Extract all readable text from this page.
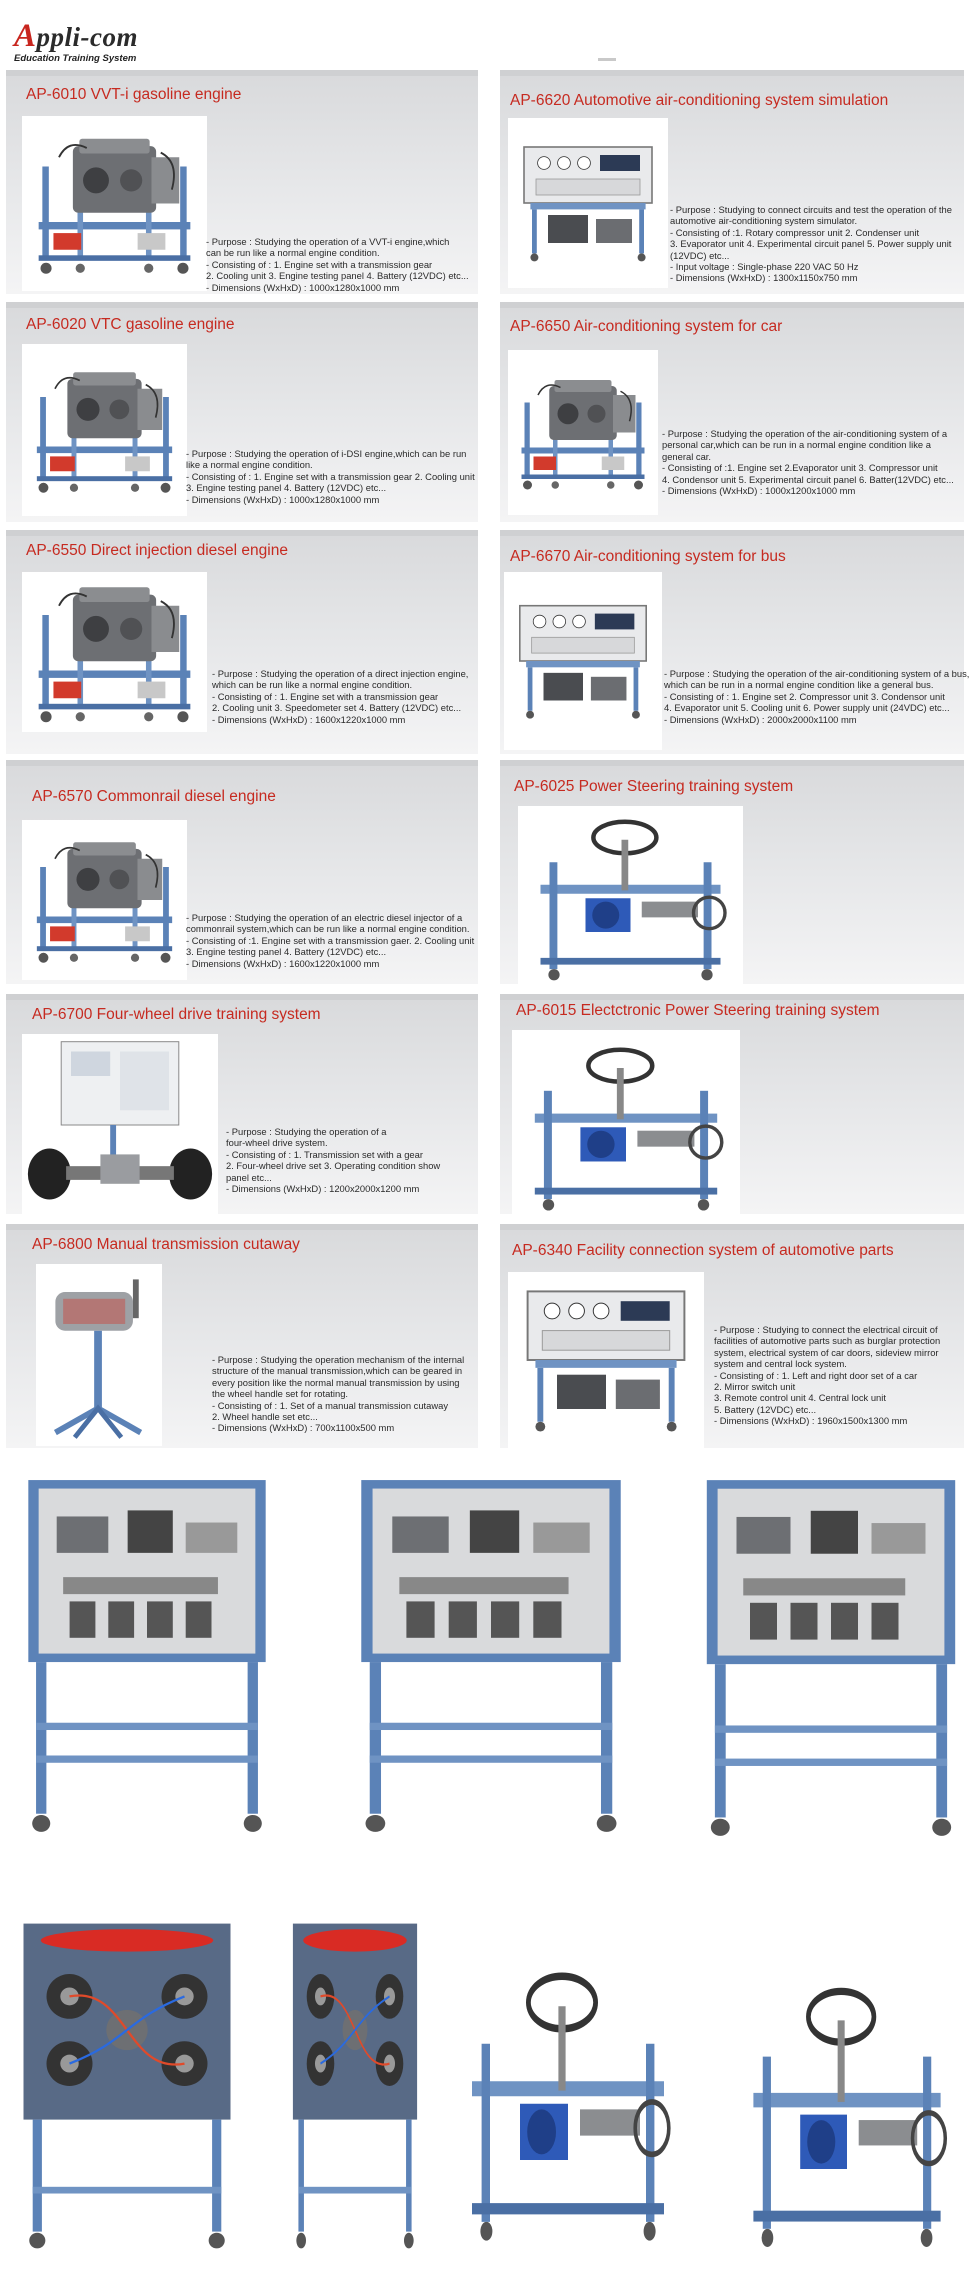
Appli-com
Education Training System
AP-6010 VVT-i gasoline engine
- Purpose : Studying the operation of a VVT-i engine,which
can be run like a normal engine condition.
- Consisting of : 1. Engine set with a transmission gear
2. Cooling unit 3. Engine testing panel 4. Battery (12VDC) etc...
- Dimensions (WxHxD) : 1000x1280x1000 mm
AP-6620 Automotive air-conditioning system simulation
- Purpose : Studying to connect circuits and test the operation of the
automotive air-conditioning system simulator.
- Consisting of :1. Rotary compressor unit 2. Condenser unit
3. Evaporator unit 4. Experimental circuit panel 5. Power supply unit
(12VDC) etc...
- Input voltage : Single-phase 220 VAC 50 Hz
- Dimensions (WxHxD) : 1300x1150x750 mm
AP-6020 VTC gasoline engine
- Purpose : Studying the operation of i-DSI engine,which can be run
like a normal engine condition.
- Consisting of : 1. Engine set with a transmission gear 2. Cooling unit
3. Engine testing panel 4. Battery (12VDC) etc...
- Dimensions (WxHxD) : 1000x1280x1000 mm
AP-6650 Air-conditioning system for car
- Purpose : Studying the operation of the air-conditioning system of a
personal car,which can be run in a normal engine condition like a
general car.
- Consisting of :1. Engine set 2.Evaporator unit 3. Compressor unit
4. Condensor unit 5. Experimental circuit panel 6. Batter(12VDC) etc...
- Dimensions (WxHxD) : 1000x1200x1000 mm
AP-6550 Direct injection diesel engine
- Purpose : Studying the operation of a direct injection engine,
which can be run like a normal engine condition.
- Consisting of : 1. Engine set with a transmission gear
2. Cooling unit 3. Speedometer set 4. Battery (12VDC) etc...
- Dimensions (WxHxD) : 1600x1220x1000 mm
AP-6670 Air-conditioning system for bus
- Purpose : Studying the operation of the air-conditioning system of a bus,
which can be run in a normal engine condition like a general bus.
- Consisting of : 1. Engine set 2. Compressor unit 3. Condensor unit
4. Evaporator unit 5. Cooling unit 6. Power supply unit (24VDC) etc...
- Dimensions (WxHxD) : 2000x2000x1100 mm
AP-6570 Commonrail diesel engine
- Purpose : Studying the operation of an electric diesel injector of a
commonrail system,which can be run like a normal engine condition.
- Consisting of :1. Engine set with a transmission gaer. 2. Cooling unit
3. Engine testing panel 4. Battery (12VDC) etc...
- Dimensions (WxHxD) : 1600x1220x1000 mm
AP-6025 Power Steering training system
AP-6700 Four-wheel drive training system
- Purpose : Studying the operation of a
four-wheel drive system.
- Consisting of : 1. Transmission set with a gear
2. Four-wheel drive set 3. Operating condition show
panel etc...
- Dimensions (WxHxD) : 1200x2000x1200 mm
AP-6015 Electctronic Power Steering training system
AP-6800 Manual transmission cutaway
- Purpose : Studying the operation mechanism of the internal
structure of the manual transmission,which can be geared in
every position like the normal manual transmission by using
the wheel handle set for rotating.
- Consisting of : 1. Set of a manual transmission cutaway
2. Wheel handle set etc...
- Dimensions (WxHxD) : 700x1100x500 mm
AP-6340 Facility connection system of automotive parts
- Purpose : Studying to connect the electrical circuit of
facilities of automotive parts such as burglar protection
system, electrical system of car doors, sideview mirror
system and central lock system.
- Consisting of : 1. Left and right door set of a car
2. Mirror switch unit
3. Remote control unit 4. Central lock unit
5. Battery (12VDC) etc...
- Dimensions (WxHxD) : 1960x1500x1300 mm
